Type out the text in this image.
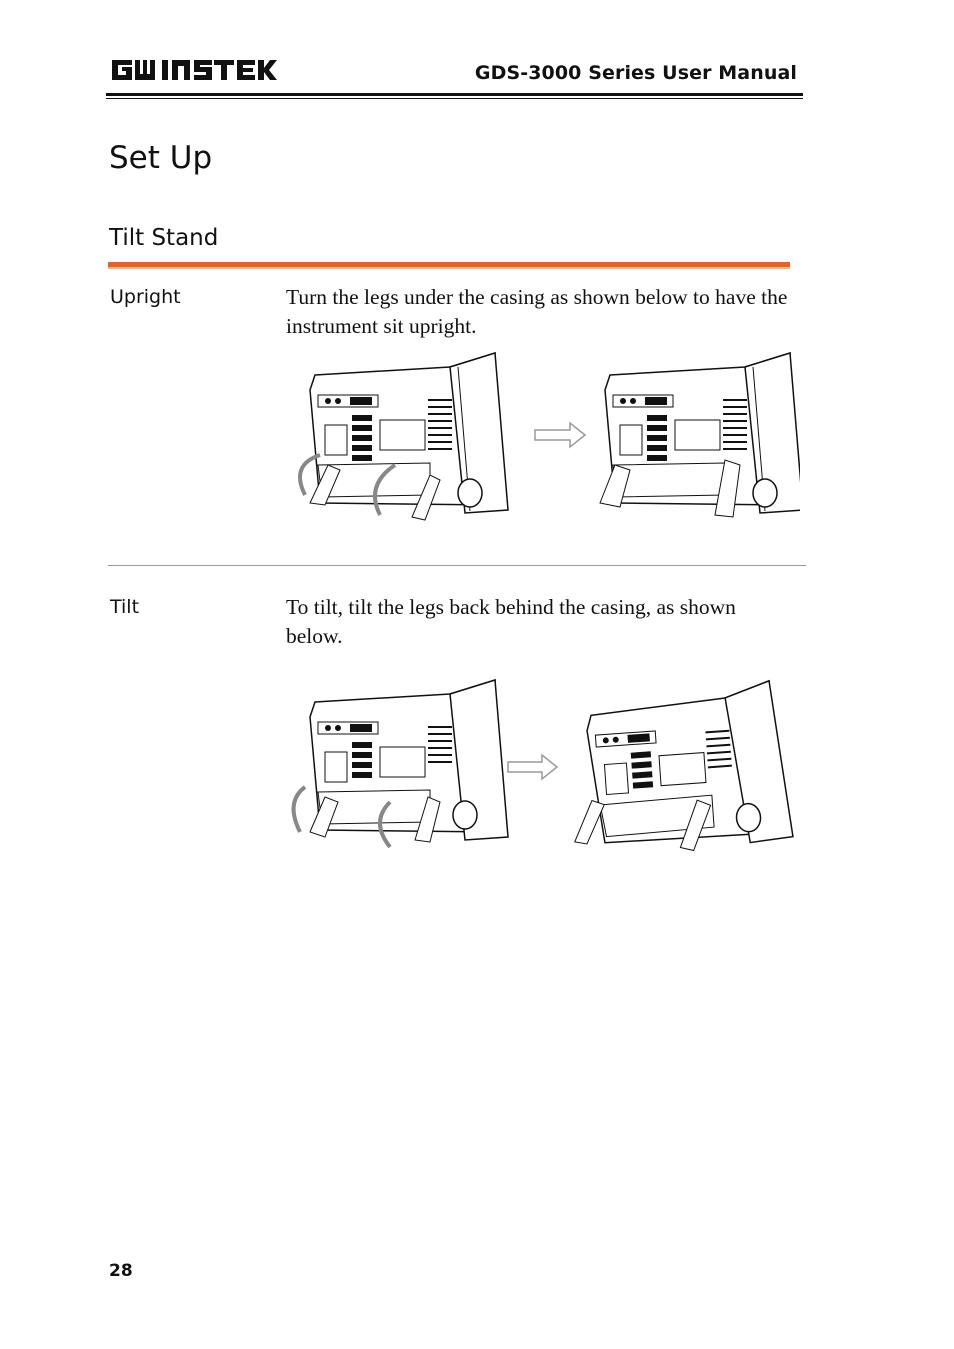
GDS-3000 Series User Manual
Set Up
Tilt Stand
Upright	Turn the legs under the casing as shown below to have the instrument sit upright.
Tilt	To tilt, tilt the legs back behind the casing, as shown below.
28
